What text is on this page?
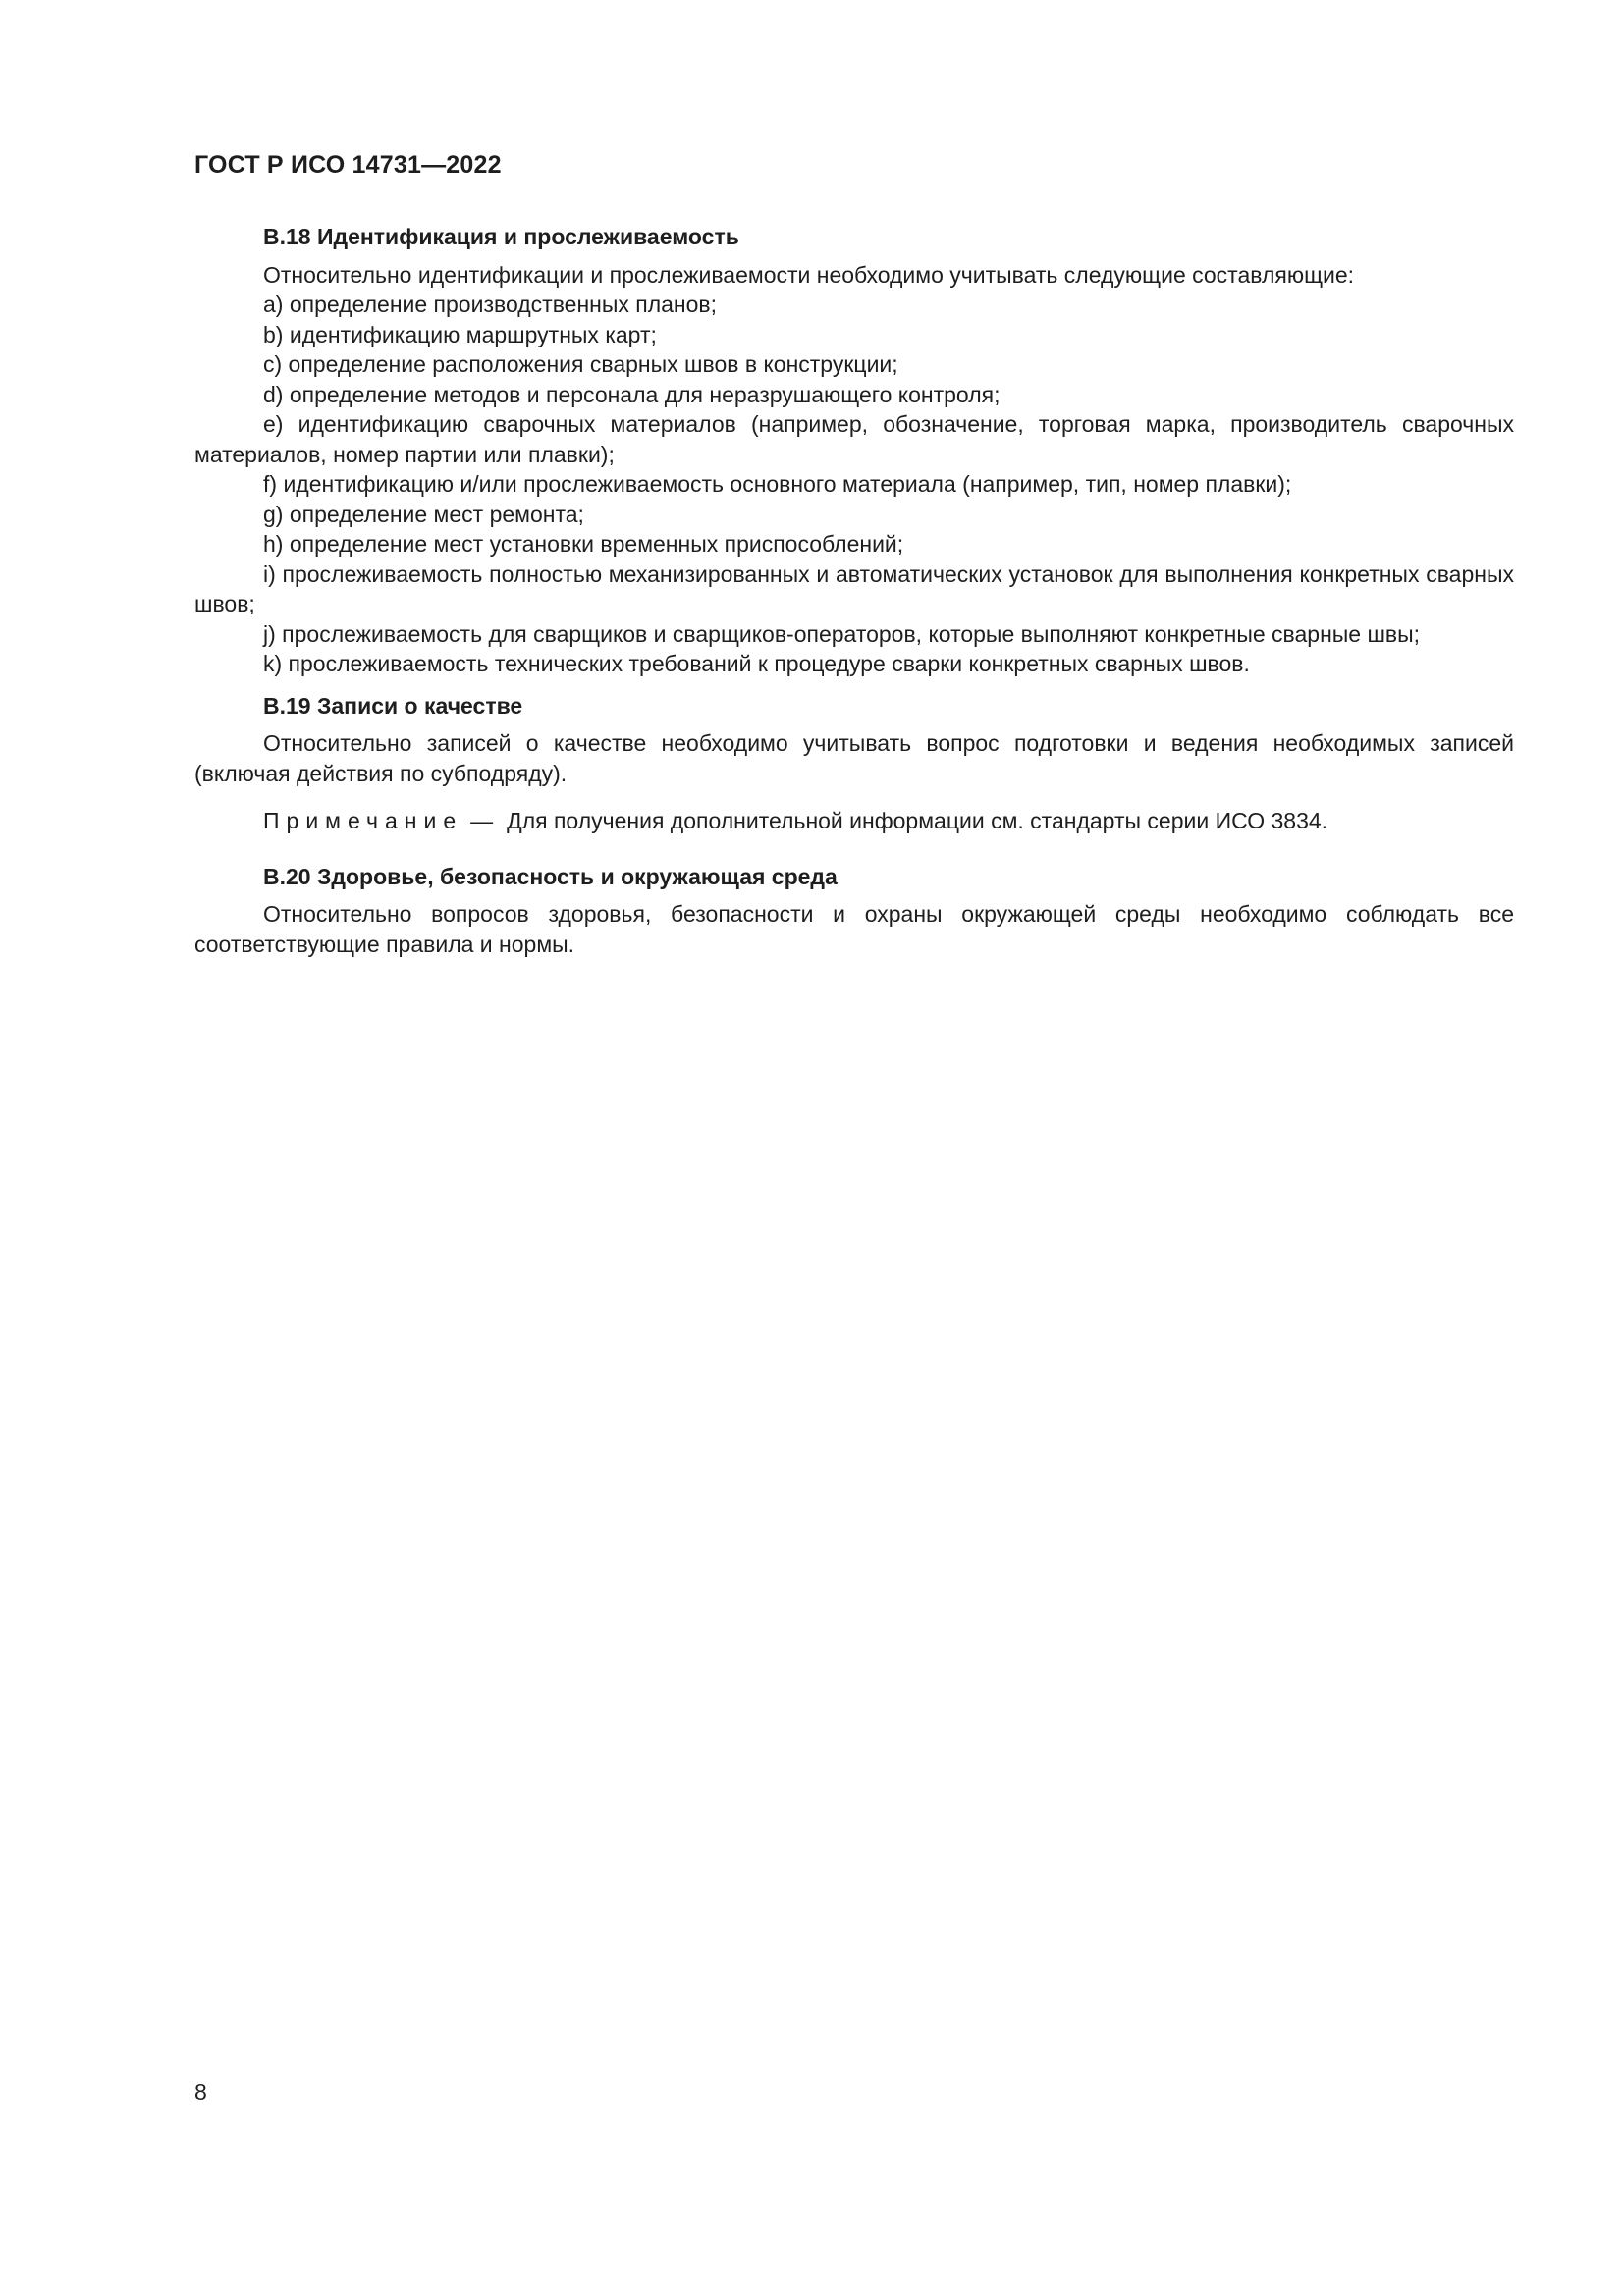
ГОСТ Р ИСО 14731—2022
B.18 Идентификация и прослеживаемость

Относительно идентификации и прослеживаемости необходимо учитывать следующие составляющие:

a) определение производственных планов;

b) идентификацию маршрутных карт;

c) определение расположения сварных швов в конструкции;

d) определение методов и персонала для неразрушающего контроля;

e) идентификацию сварочных материалов (например, обозначение, торговая марка, производитель сварочных материалов, номер партии или плавки);

f) идентификацию и/или прослеживаемость основного материала (например, тип, номер плавки);

g) определение мест ремонта;

h) определение мест установки временных приспособлений;

i) прослеживаемость полностью механизированных и автоматических установок для выполнения конкретных сварных швов;

j) прослеживаемость для сварщиков и сварщиков-операторов, которые выполняют конкретные сварные швы;

k) прослеживаемость технических требований к процедуре сварки конкретных сварных швов.

B.19 Записи о качестве

Относительно записей о качестве необходимо учитывать вопрос подготовки и ведения необходимых записей (включая действия по субподряду).

Примечание — Для получения дополнительной информации см. стандарты серии ИСО 3834.

B.20 Здоровье, безопасность и окружающая среда

Относительно вопросов здоровья, безопасности и охраны окружающей среды необходимо соблюдать все соответствующие правила и нормы.

8
